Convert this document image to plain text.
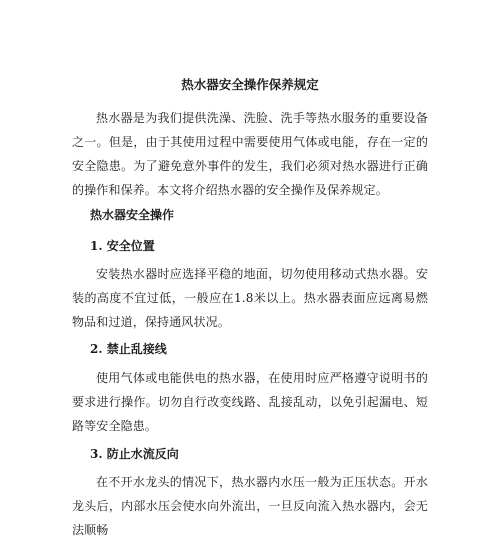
热水器安全操作保养规定

热水器是为我们提供洗澡、洗脸、洗手等热水服务的重要设备之一。但是，由于其使用过程中需要使用气体或电能，存在一定的安全隐患。为了避免意外事件的发生，我们必须对热水器进行正确的操作和保养。本文将介绍热水器的安全操作及保养规定。

热水器安全操作
1. 安全位置

安装热水器时应选择平稳的地面，切勿使用移动式热水器。安装的高度不宜过低，一般应在1.8米以上。热水器表面应远离易燃物品和过道，保持通风状况。

2. 禁止乱接线

使用气体或电能供电的热水器，在使用时应严格遵守说明书的要求进行操作。切勿自行改变线路、乱接乱动，以免引起漏电、短路等安全隐患。

3. 防止水流反向

在不开水龙头的情况下，热水器内水压一般为正压状态。开水龙头后，内部水压会使水向外流出，一旦反向流入热水器内，会无法顺畅
